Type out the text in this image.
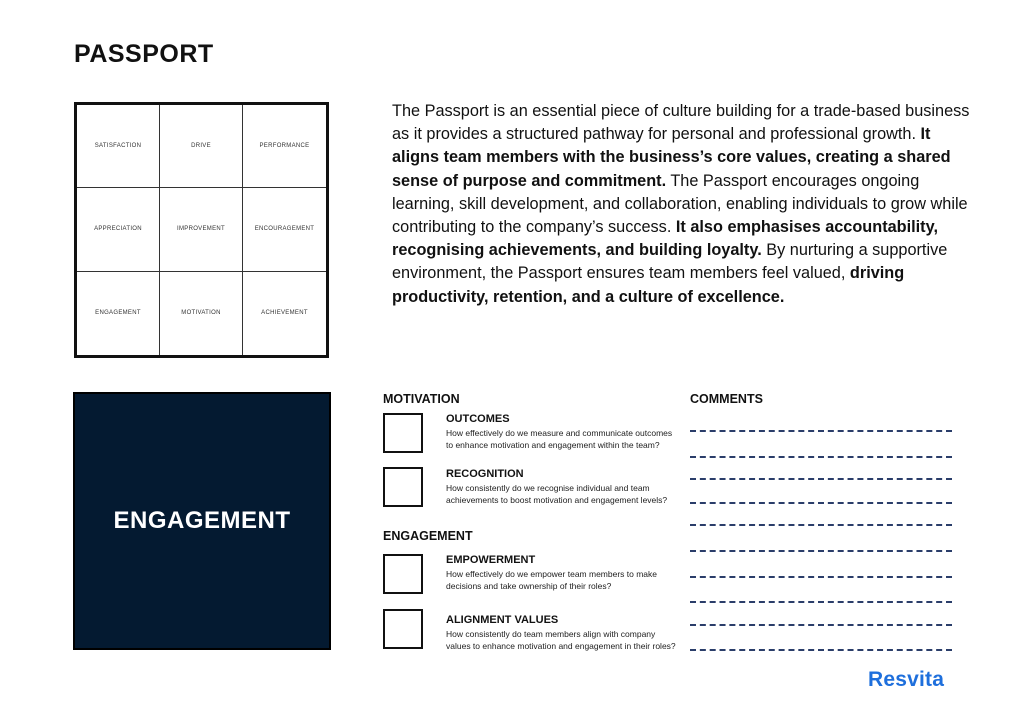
PASSPORT
SATISFACTION	DRIVE	PERFORMANCE
APPRECIATION	IMPROVEMENT	ENCOURAGEMENT
ENGAGEMENT	MOTIVATION	ACHIEVEMENT
The Passport is an essential piece of culture building for a trade-based business as it provides a structured pathway for personal and professional growth. It aligns team members with the business’s core values, creating a shared sense of purpose and commitment. The Passport encourages ongoing learning, skill development, and collaboration, enabling individuals to grow while contributing to the company’s success. It also emphasises accountability, recognising achievements, and building loyalty. By nurturing a supportive environment, the Passport ensures team members feel valued, driving productivity, retention, and a culture of excellence.
ENGAGEMENT
MOTIVATION
OUTCOMES
How effectively do we measure and communicate outcomes to enhance motivation and engagement within the team?
RECOGNITION
How consistently do we recognise individual and team achievements to boost motivation and engagement levels?
ENGAGEMENT
EMPOWERMENT
How effectively do we empower team members to make decisions and take ownership of their roles?
ALIGNMENT VALUES
How consistently do team members align with company values to enhance motivation and engagement in their roles?
COMMENTS
Resvita
